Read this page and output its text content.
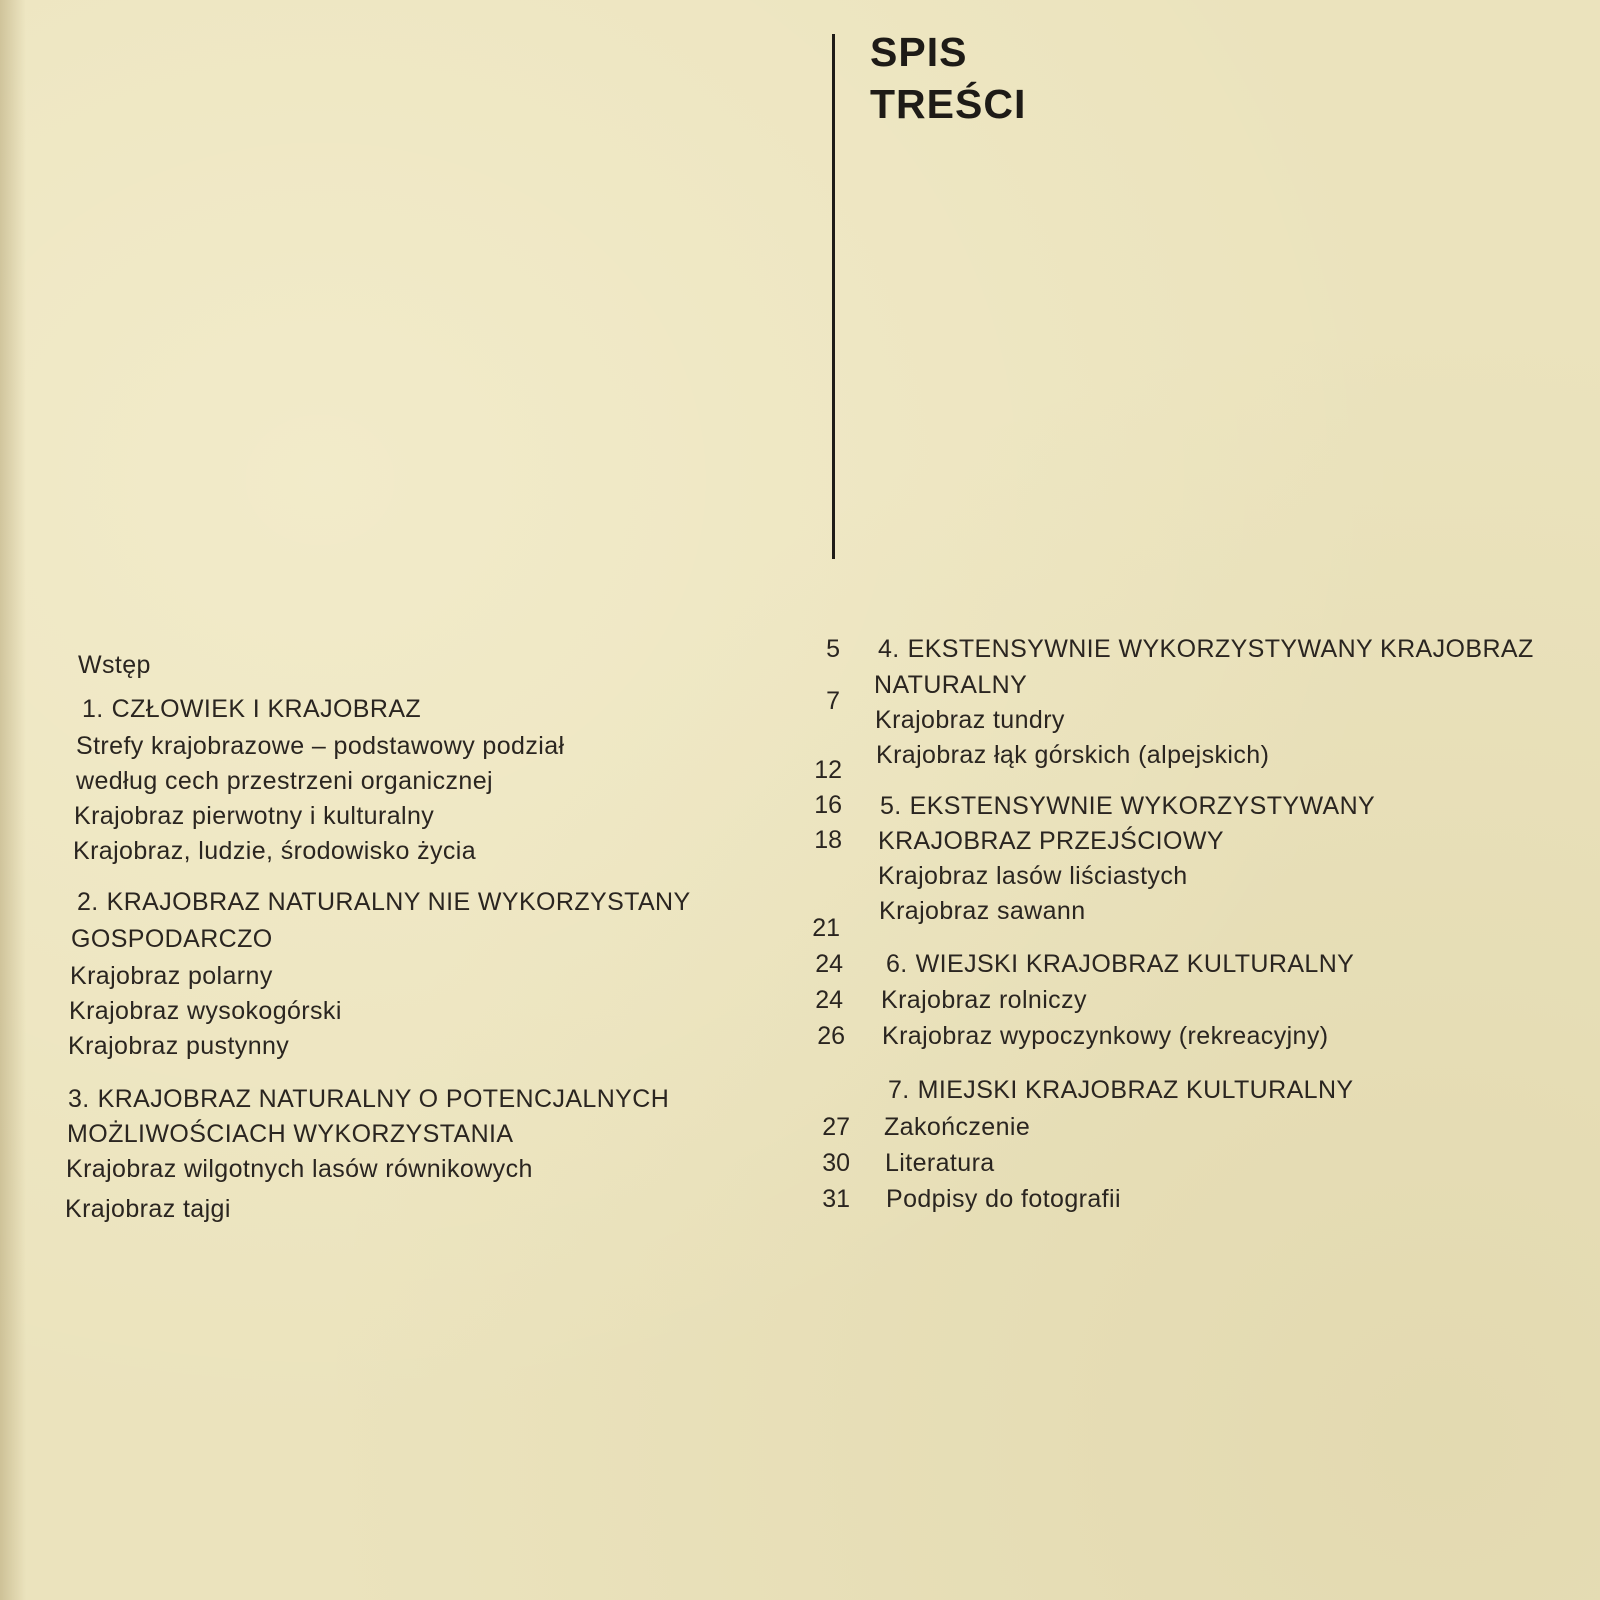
SPIS
TREŚCI
Wstęp
1. CZŁOWIEK I KRAJOBRAZ
Strefy krajobrazowe – podstawowy podział
według cech przestrzeni organicznej
Krajobraz pierwotny i kulturalny
Krajobraz, ludzie, środowisko życia
2. KRAJOBRAZ NATURALNY NIE WYKORZYSTANY
GOSPODARCZO
Krajobraz polarny
Krajobraz wysokogórski
Krajobraz pustynny
3. KRAJOBRAZ NATURALNY O POTENCJALNYCH
MOŻLIWOŚCIACH WYKORZYSTANIA
Krajobraz wilgotnych lasów równikowych
Krajobraz tajgi
5
7
12
16
18
21
24
24
26
27
30
31
4. EKSTENSYWNIE WYKORZYSTYWANY KRAJOBRAZ
NATURALNY
Krajobraz tundry
Krajobraz łąk górskich (alpejskich)
5. EKSTENSYWNIE WYKORZYSTYWANY
KRAJOBRAZ PRZEJŚCIOWY
Krajobraz lasów liściastych
Krajobraz sawann
6. WIEJSKI KRAJOBRAZ KULTURALNY
Krajobraz rolniczy
Krajobraz wypoczynkowy (rekreacyjny)
7. MIEJSKI KRAJOBRAZ KULTURALNY
Zakończenie
Literatura
Podpisy do fotografii
